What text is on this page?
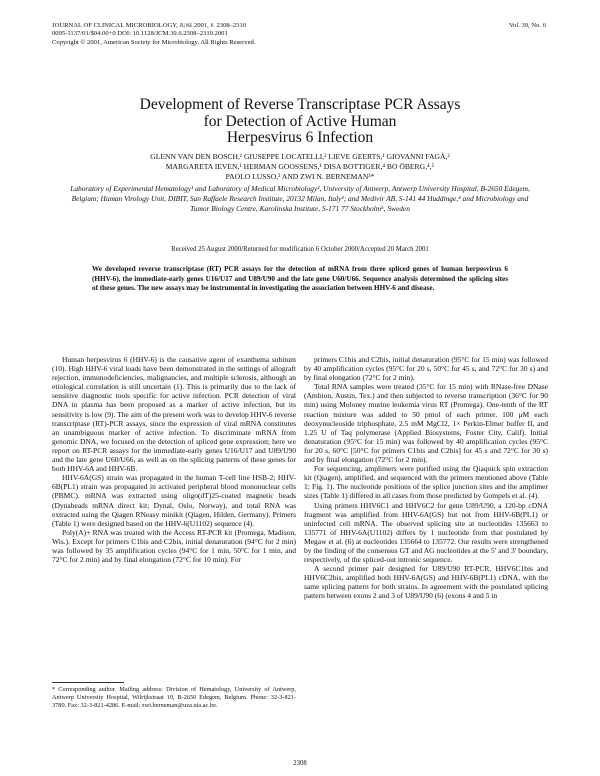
JOURNAL OF CLINICAL MICROBIOLOGY, June 2001, p. 2308–2310
0095-1137/01/$04.00+0 DOI: 10.1128/JCM.39.6.2308–2310.2001
Copyright © 2001, American Society for Microbiology. All Rights Reserved.
Vol. 39, No. 6
Development of Reverse Transcriptase PCR Assays
for Detection of Active Human
Herpesvirus 6 Infection
GLENN VAN DEN BOSCH,¹ GIUSEPPE LOCATELLI,² LIEVE GEERTS,¹ GIOVANNI FAGÀ,²
MARGARETA IEVEN,¹ HERMAN GOOSSENS,¹ DISA BOTTIGER,⁴ BO ÖBERG,⁴,⁵
PAOLO LUSSO,² AND ZWI N. BERNEMAN³*
Laboratory of Experimental Hematology¹ and Laboratory of Medical Microbiology², University of Antwerp, Antwerp University Hospital, B-2650 Edegem, Belgium; Human Virology Unit, DIBIT, San Raffaele Research Institute, 20132 Milan, Italy²; and Medivir AB, S-141 44 Huddinge,⁴ and Microbiology and Tumor Biology Centre, Karolinska Institute, S-171 77 Stockholm⁵, Sweden
Received 25 August 2000/Returned for modification 6 October 2000/Accepted 20 March 2001
We developed reverse transcriptase (RT) PCR assays for the detection of mRNA from three spliced genes of human herpesvirus 6 (HHV-6), the immediate-early genes U16/U17 and U89/U90 and the late gene U60/U66. Sequence analysis determined the splicing sites of these genes. The new assays may be instrumental in investigating the association between HHV-6 and disease.

Human herpesvirus 6 (HHV-6) is the causative agent of exanthema subitum (10). High HHV-6 viral loads have been demonstrated in the settings of allograft rejection, immunodeficiencies, malignancies, and multiple sclerosis, although an etiological correlation is still uncertain (1). This is primarily due to the lack of sensitive diagnostic tools specific for active infection. PCR detection of viral DNA in plasma has been proposed as a marker of active infection, but its sensitivity is low (9). The aim of the present work was to develop HHV-6 reverse transcriptase (RT)-PCR assays, since the expression of viral mRNA constitutes an unambiguous marker of active infection. To discriminate mRNA from genomic DNA, we focused on the detection of spliced gene expression; here we report on RT-PCR assays for the immediate-early genes U16/U17 and U89/U90 and the late gene U60/U66, as well as on the splicing patterns of these genes for both HHV-6A and HHV-6B.

HHV-6A(GS) strain was propagated in the human T-cell line HSB-2; HHV-6B(PL1) strain was propagated in activated peripheral blood mononuclear cells (PBMC). mRNA was extracted using oligo(dT)25-coated magnetic beads (Dynabeads mRNA direct kit; Dynal, Oslo, Norway), and total RNA was extracted using the Qiagen RNeasy minikit (Qiagen, Hilden, Germany). Primers (Table 1) were designed based on the HHV-6(U1102) sequence (4).

Poly(A)+ RNA was treated with the Access RT-PCR kit (Promega, Madison, Wis.). Except for primers C1bis and C2bis, initial denaturation (94°C for 2 min) was followed by 35 amplification cycles (94°C for 1 min, 50°C for 1 min, and 72°C for 2 min) and by final elongation (72°C for 10 min). For

primers C1bis and C2bis, initial denaturation (95°C for 15 min) was followed by 40 amplification cycles (95°C for 20 s, 50°C for 45 s, and 72°C for 30 s) and by final elongation (72°C for 2 min).

Total RNA samples were treated (35°C for 15 min) with RNase-free DNase (Ambion, Austin, Tex.) and then subjected to reverse transcription (36°C for 90 min) using Moloney murine leukemia virus RT (Promega). One-tenth of the RT reaction mixture was added to 50 pmol of each primer, 100 μM each deoxynucleoside triphosphate, 2.5 mM MgCl2, 1× Perkin-Elmer buffer II, and 1.25 U of Taq polymerase (Applied Biosystems, Foster City, Calif). Initial denaturation (95°C for 15 min) was followed by 40 amplification cycles (95°C for 20 s, 60°C [50°C for primers C1bis and C2bis] for 45 s and 72°C for 30 s) and by final elongation (72°C for 2 min).

For sequencing, amplimers were purified using the Qiaquick spin extraction kit (Qiagen), amplified, and sequenced with the primers mentioned above (Table 1; Fig. 1). The nucleotide positions of the splice junction sites and the amplimer sizes (Table 1) differed in all cases from those predicted by Gompels et al. (4).

Using primers HHV6C1 and HHV6C2 for gene U89/U90, a 120-bp cDNA fragment was amplified from HHV-6A(GS) but not from HHV-6B(PL1) or uninfected cell mRNA. The observed splicing site at nucleotides 135663 to 135771 of HHV-6A(U1102) differs by 1 nucleotide from that postulated by Megaw et al. (6) at nucleotides 135664 to 135772. Our results were strengthened by the finding of the consensus GT and AG nucleotides at the 5′ and 3′ boundary, respectively, of the spliced-out intronic sequence.

A second primer pair designed for U89/U90 RT-PCR, HHV6C1bis and HHV6C2bis, amplified both HHV-6A(GS) and HHV-6B(PL1) cDNA, with the same splicing pattern for both strains. In agreement with the postulated splicing pattern between exons 2 and 3 of U89/U90 (6) (exons 4 and 5 in

* Corresponding author. Mailing address: Division of Hematology, University of Antwerp, Antwerp University Hospital, Wilrijkstraat 10, B-2650 Edegem, Belgium. Phone: 32-3-821-3780. Fax: 32-3-821-4286. E-mail: zwi.berneman@uza.uia.ac.be.
2308
